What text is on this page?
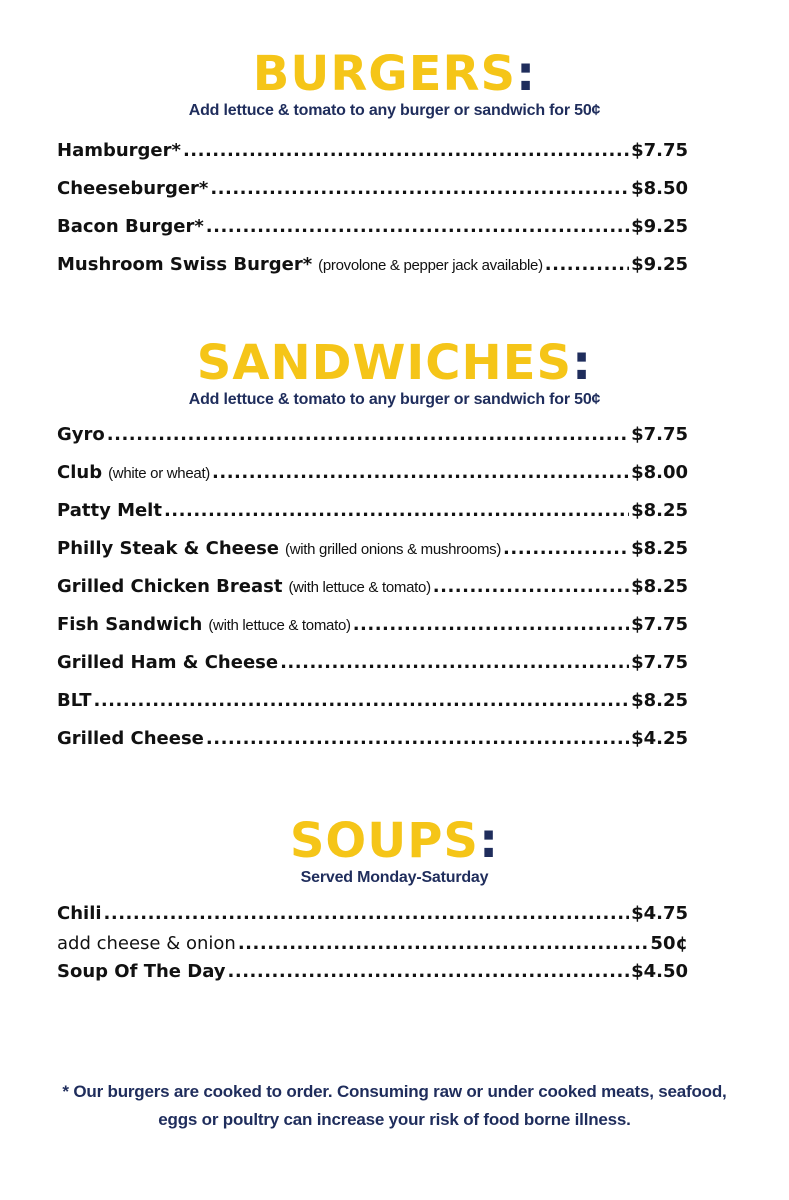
BURGERS:
Add lettuce & tomato to any burger or sandwich for 50¢
Hamburger* .....	$7.75
Cheeseburger* .....	$8.50
Bacon Burger* .....	$9.25
Mushroom Swiss Burger* (provolone & pepper jack available) .....	$9.25
SANDWICHES:
Add lettuce & tomato to any burger or sandwich for 50¢
Gyro .....	$7.75
Club (white or wheat) .....	$8.00
Patty Melt .....	$8.25
Philly Steak & Cheese (with grilled onions & mushrooms) .....	$8.25
Grilled Chicken Breast (with lettuce & tomato) .....	$8.25
Fish Sandwich (with lettuce & tomato) .....	$7.75
Grilled Ham & Cheese .....	$7.75
BLT .....	$8.25
Grilled Cheese .....	$4.25
SOUPS:
Served Monday-Saturday
Chili .....	$4.75
add cheese & onion .....	50¢
Soup Of The Day .....	$4.50
* Our burgers are cooked to order. Consuming raw or under cooked meats, seafood,
eggs or poultry can increase your risk of food borne illness.
